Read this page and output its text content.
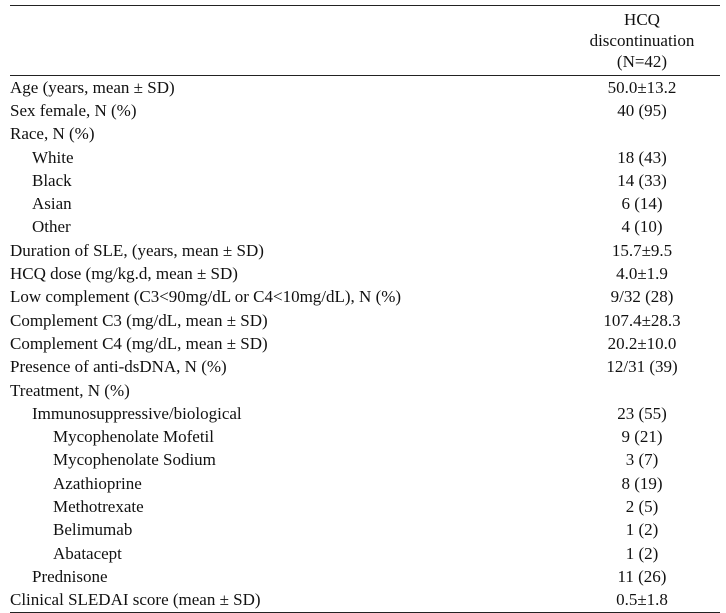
HCQ
discontinuation
(N=42)
Age (years, mean ± SD)	50.0±13.2
Sex female, N (%)	40 (95)
Race, N (%)
White	18 (43)
Black	14 (33)
Asian	6 (14)
Other	4 (10)
Duration of SLE, (years, mean ± SD)	15.7±9.5
HCQ dose (mg/kg.d, mean ± SD)	4.0±1.9
Low complement (C3<90mg/dL or C4<10mg/dL), N (%)	9/32 (28)
Complement C3 (mg/dL, mean ± SD)	107.4±28.3
Complement C4 (mg/dL, mean ± SD)	20.2±10.0
Presence of anti-dsDNA, N (%)	12/31 (39)
Treatment, N (%)
Immunosuppressive/biological	23 (55)
Mycophenolate Mofetil	9 (21)
Mycophenolate Sodium	3 (7)
Azathioprine	8 (19)
Methotrexate	2 (5)
Belimumab	1 (2)
Abatacept	1 (2)
Prednisone	11 (26)
Clinical SLEDAI score (mean ± SD)	0.5±1.8
